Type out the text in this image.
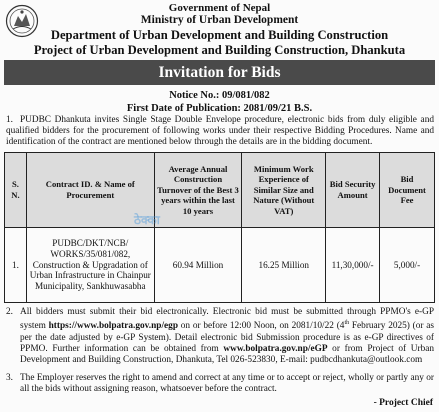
Government of Nepal
Ministry of Urban Development
Department of Urban Development and Building Construction
Project of Urban Development and Building Construction, Dhankuta
Invitation for Bids
Notice No.: 09/081/082
First Date of Publication: 2081/09/21 B.S.
1. PUDBC Dhankuta invites Single Stage Double Envelope procedure, electronic bids from duly eligible and qualified bidders for the procurement of following works under their respective Bidding Procedures. Name and identification of the contract are mentioned below through the details are in the bidding document.
S. N.	Contract ID. & Name of Procurement	Average Annual Construction Turnover of the Best 3 years within the last 10 years	Minimum Work Experience of Similar Size and Nature (Without VAT)	Bid Security Amount	Bid Document Fee
1.	PUDBC/DKT/NCB/ WORKS/35/081/082, Construction & Upgradation of Urban Infrastructure in Chainpur Municipality, Sankhuwasabha	60.94 Million	16.25 Million	11,30,000/-	5,000/-
ठेक्का
2. All bidders must submit their bid electronically. Electronic bid must be submitted through PPMO's e-GP system https://www.bolpatra.gov.np/egp on or before 12:00 Noon, on 2081/10/22 (4th February 2025) (or as per the date adjusted by e-GP System). Detail electronic bid Submission procedure is as e-GP directives of PPMO. Further information can be obtained from www.bolpatra.gov.np/eGP or from Project of Urban Development and Building Construction, Dhankuta, Tel 026-523830, E-mail: pudbcdhankuta@outlook.com
3. The Employer reserves the right to amend and correct at any time or to accept or reject, wholly or partly any or all the bids without assigning reason, whatsoever before the contract.
- Project Chief
